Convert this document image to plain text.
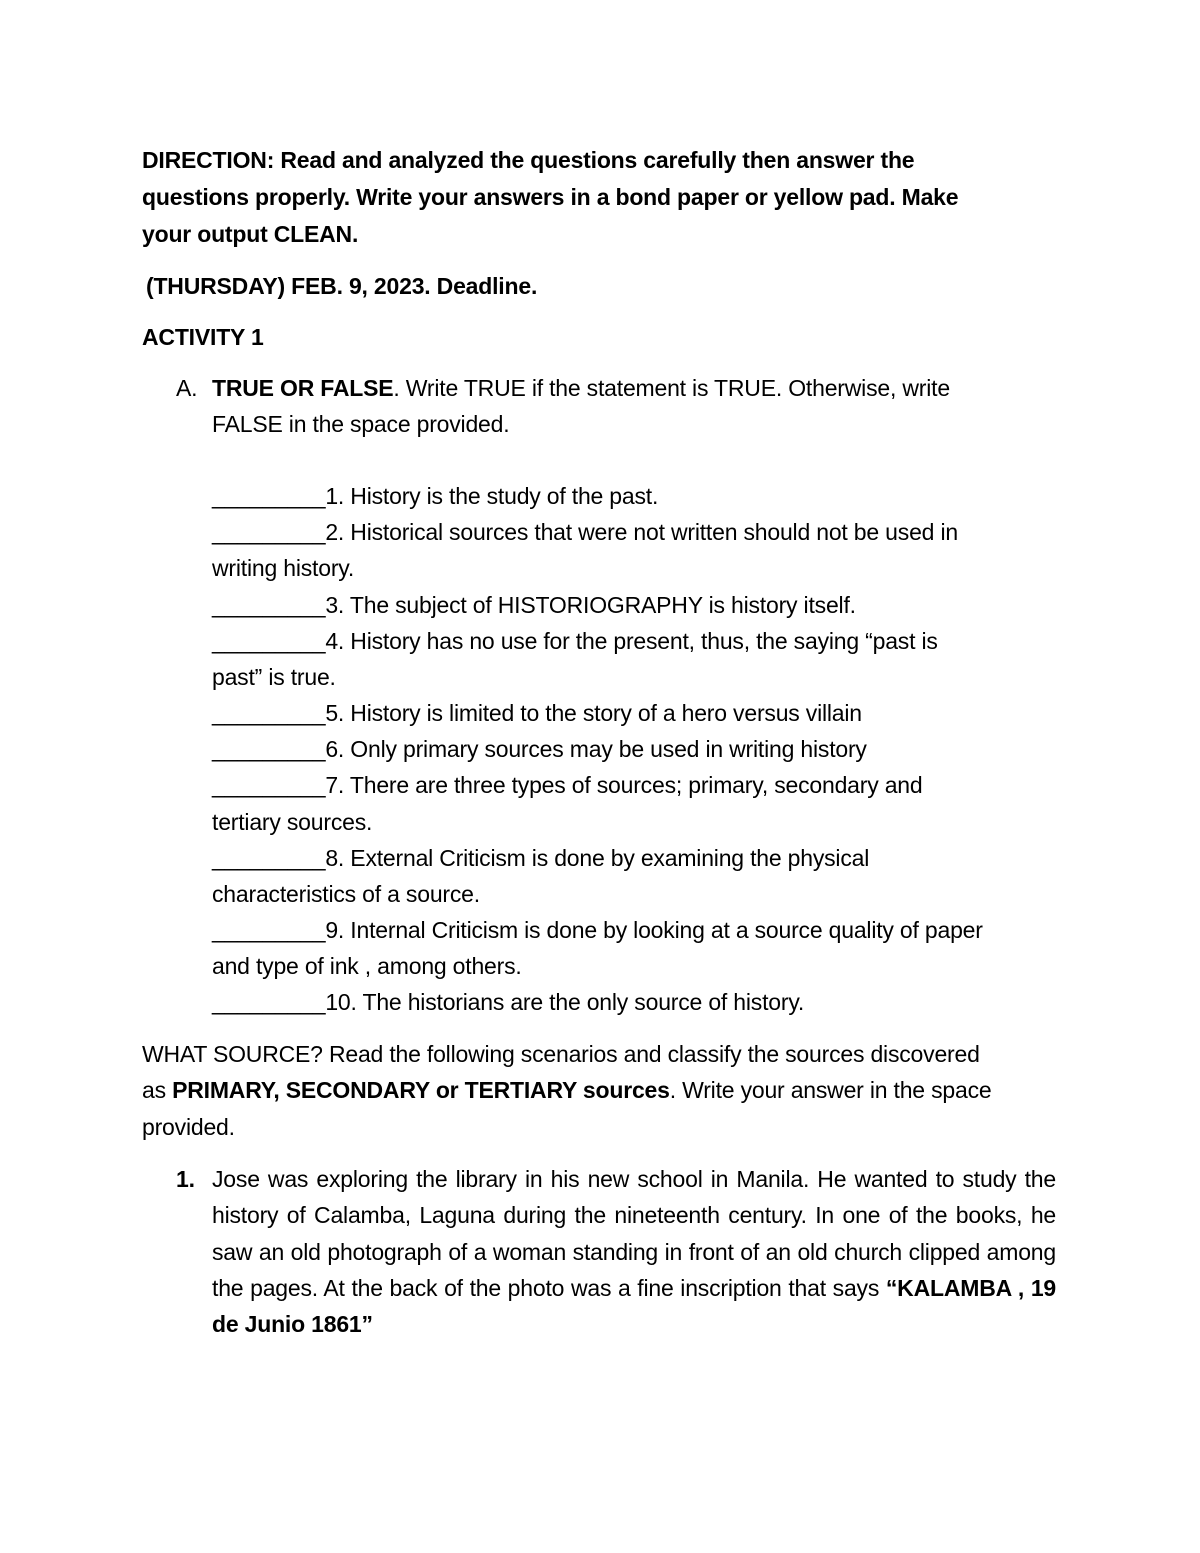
DIRECTION: Read and analyzed the questions carefully then answer the
questions properly. Write your answers in a bond paper or yellow pad. Make
your output CLEAN.
(THURSDAY) FEB. 9, 2023. Deadline.
ACTIVITY 1
A. TRUE OR FALSE. Write TRUE if the statement is TRUE. Otherwise, write
FALSE in the space provided.
_________1. History is the study of the past.
_________2. Historical sources that were not written should not be used in
writing history.
_________3. The subject of HISTORIOGRAPHY is history itself.
_________4. History has no use for the present, thus, the saying “past is
past” is true.
_________5. History is limited to the story of a hero versus villain
_________6. Only primary sources may be used in writing history
_________7. There are three types of sources; primary, secondary and
tertiary sources.
_________8. External Criticism is done by examining the physical
characteristics of a source.
_________9. Internal Criticism is done by looking at a source quality of paper
and type of ink , among others.
_________10. The historians are the only source of history.
WHAT SOURCE? Read the following scenarios and classify the sources discovered
as PRIMARY, SECONDARY or TERTIARY sources. Write your answer in the space
provided.
1. Jose was exploring the library in his new school in Manila. He wanted to study the history of Calamba, Laguna during the nineteenth century. In one of the books, he saw an old photograph of a woman standing in front of an old church clipped among the pages. At the back of the photo was a fine inscription that says “KALAMBA , 19 de Junio 1861”
